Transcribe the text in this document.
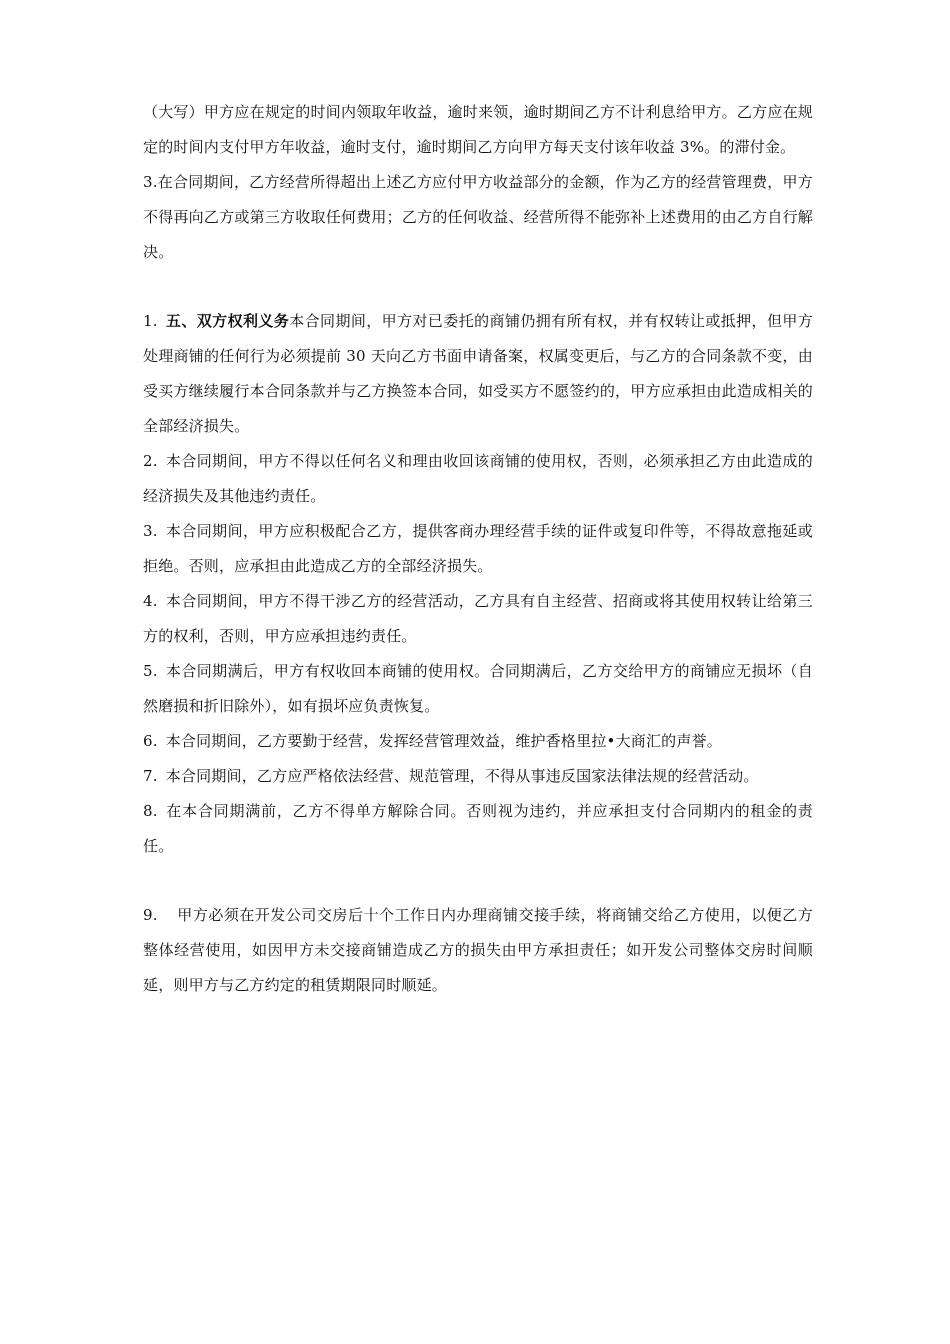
（大写）甲方应在规定的时间内领取年收益，逾时来领，逾时期间乙方不计利息给甲方。乙方应在规定的时间内支付甲方年收益，逾时支付，逾时期间乙方向甲方每天支付该年收益 3%。的滞付金。

3.在合同期间，乙方经营所得超出上述乙方应付甲方收益部分的金额，作为乙方的经营管理费，甲方不得再向乙方或第三方收取任何费用；乙方的任何收益、经营所得不能弥补上述费用的由乙方自行解决。

1. 五、双方权利义务本合同期间，甲方对已委托的商铺仍拥有所有权，并有权转让或抵押，但甲方处理商铺的任何行为必须提前 30 天向乙方书面申请备案，权属变更后，与乙方的合同条款不变，由受买方继续履行本合同条款并与乙方换签本合同，如受买方不愿签约的，甲方应承担由此造成相关的全部经济损失。

2. 本合同期间，甲方不得以任何名义和理由收回该商铺的使用权，否则，必须承担乙方由此造成的经济损失及其他违约责任。

3. 本合同期间，甲方应积极配合乙方，提供客商办理经营手续的证件或复印件等，不得故意拖延或拒绝。否则，应承担由此造成乙方的全部经济损失。

4. 本合同期间，甲方不得干涉乙方的经营活动，乙方具有自主经营、招商或将其使用权转让给第三方的权利，否则，甲方应承担违约责任。

5. 本合同期满后，甲方有权收回本商铺的使用权。合同期满后，乙方交给甲方的商铺应无损坏（自然磨损和折旧除外），如有损坏应负责恢复。

6. 本合同期间，乙方要勤于经营，发挥经营管理效益，维护香格里拉•大商汇的声誉。

7. 本合同期间，乙方应严格依法经营、规范管理，不得从事违反国家法律法规的经营活动。

8. 在本合同期满前，乙方不得单方解除合同。否则视为违约，并应承担支付合同期内的租金的责任。

9. 甲方必须在开发公司交房后十个工作日内办理商铺交接手续，将商铺交给乙方使用，以便乙方整体经营使用，如因甲方未交接商铺造成乙方的损失由甲方承担责任；如开发公司整体交房时间顺延，则甲方与乙方约定的租赁期限同时顺延。
